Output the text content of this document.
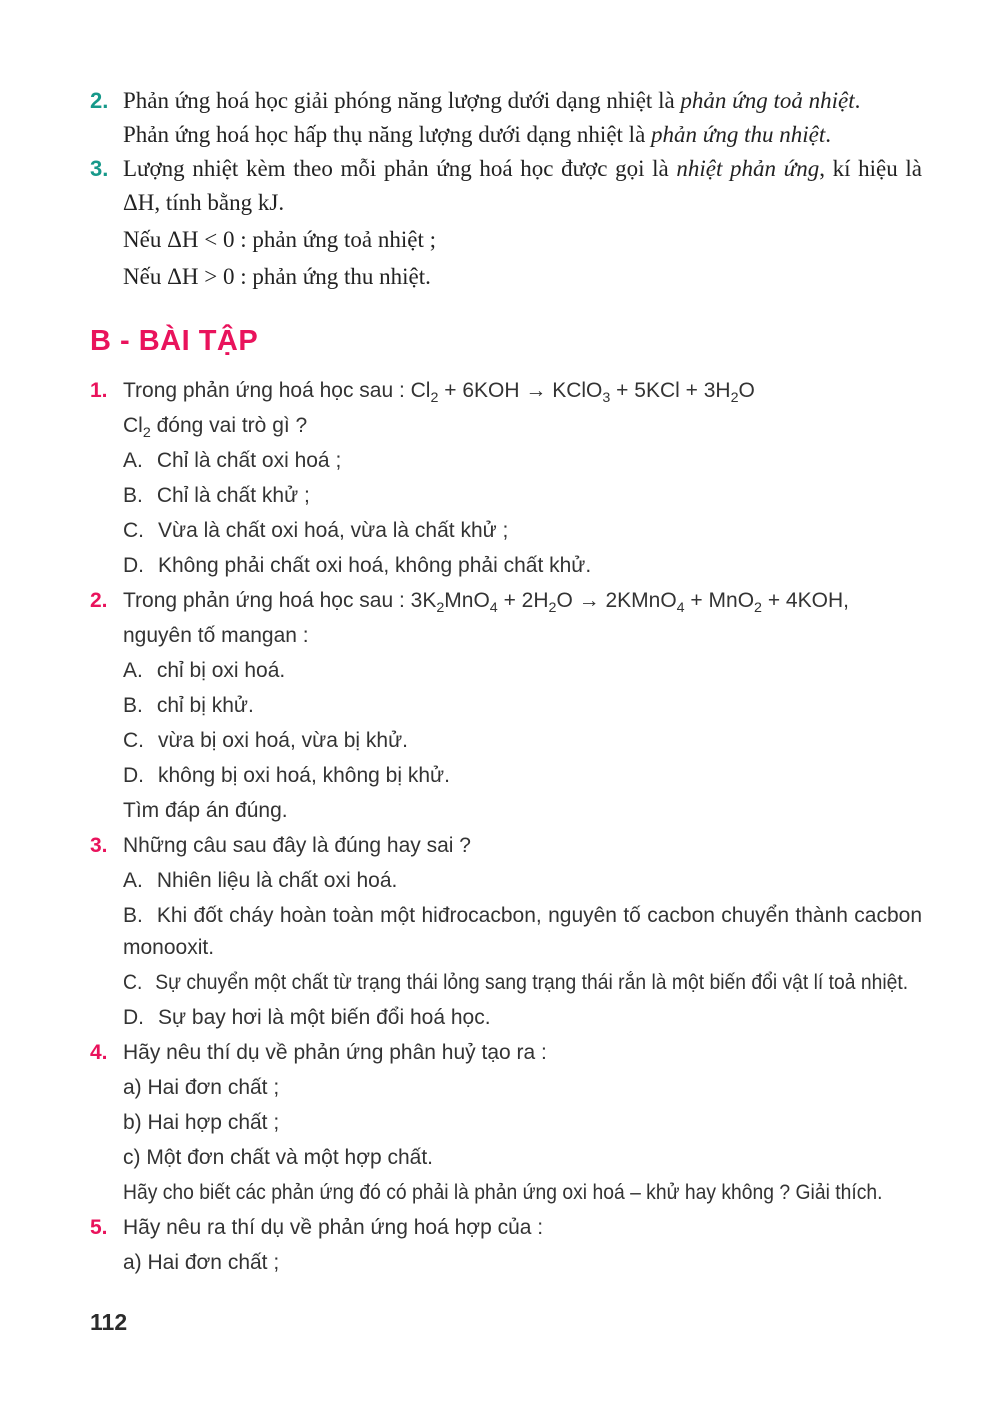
2. Phản ứng hoá học giải phóng năng lượng dưới dạng nhiệt là phản ứng toả nhiệt.

Phản ứng hoá học hấp thụ năng lượng dưới dạng nhiệt là phản ứng thu nhiệt.

3. Lượng nhiệt kèm theo mỗi phản ứng hoá học được gọi là nhiệt phản ứng, kí hiệu là ΔH, tính bằng kJ.

Nếu ΔH < 0 : phản ứng toả nhiệt ;

Nếu ΔH > 0 : phản ứng thu nhiệt.

B - BÀI TẬP
1. Trong phản ứng hoá học sau : $Cl_2 + 6KOH$ → KClO$_3$ + $5KCl + 3H_2O$

$Cl_2$ đóng vai trò gì ?

A. Chỉ là chất oxi hoá ;

B. Chỉ là chất khử ;

C. Vừa là chất oxi hoá, vừa là chất khử ;

D. Không phải chất oxi hoá, không phải chất khử.

2. Trong phản ứng hoá học sau : $3K_2MnO_4 + 2H_2O$ → 2KMnO$_4$ + MnO$_2$ + 4KOH,

nguyên tố mangan :

A. chỉ bị oxi hoá.

B. chỉ bị khử.

C. vừa bị oxi hoá, vừa bị khử.

D. không bị oxi hoá, không bị khử.

Tìm đáp án đúng.

3. Những câu sau đây là đúng hay sai ?

A. Nhiên liệu là chất oxi hoá.

B. Khi đốt cháy hoàn toàn một hiđrocacbon, nguyên tố cacbon chuyển thành cacbon monooxit.

C. Sự chuyển một chất từ trạng thái lỏng sang trạng thái rắn là một biến đổi vật lí toả nhiệt.

D. Sự bay hơi là một biến đổi hoá học.

4. Hãy nêu thí dụ về phản ứng phân huỷ tạo ra :

a) Hai đơn chất ;

b) Hai hợp chất ;

c) Một đơn chất và một hợp chất.

Hãy cho biết các phản ứng đó có phải là phản ứng oxi hoá – khử hay không ? Giải thích.

5. Hãy nêu ra thí dụ về phản ứng hoá hợp của :

a) Hai đơn chất ;

112
